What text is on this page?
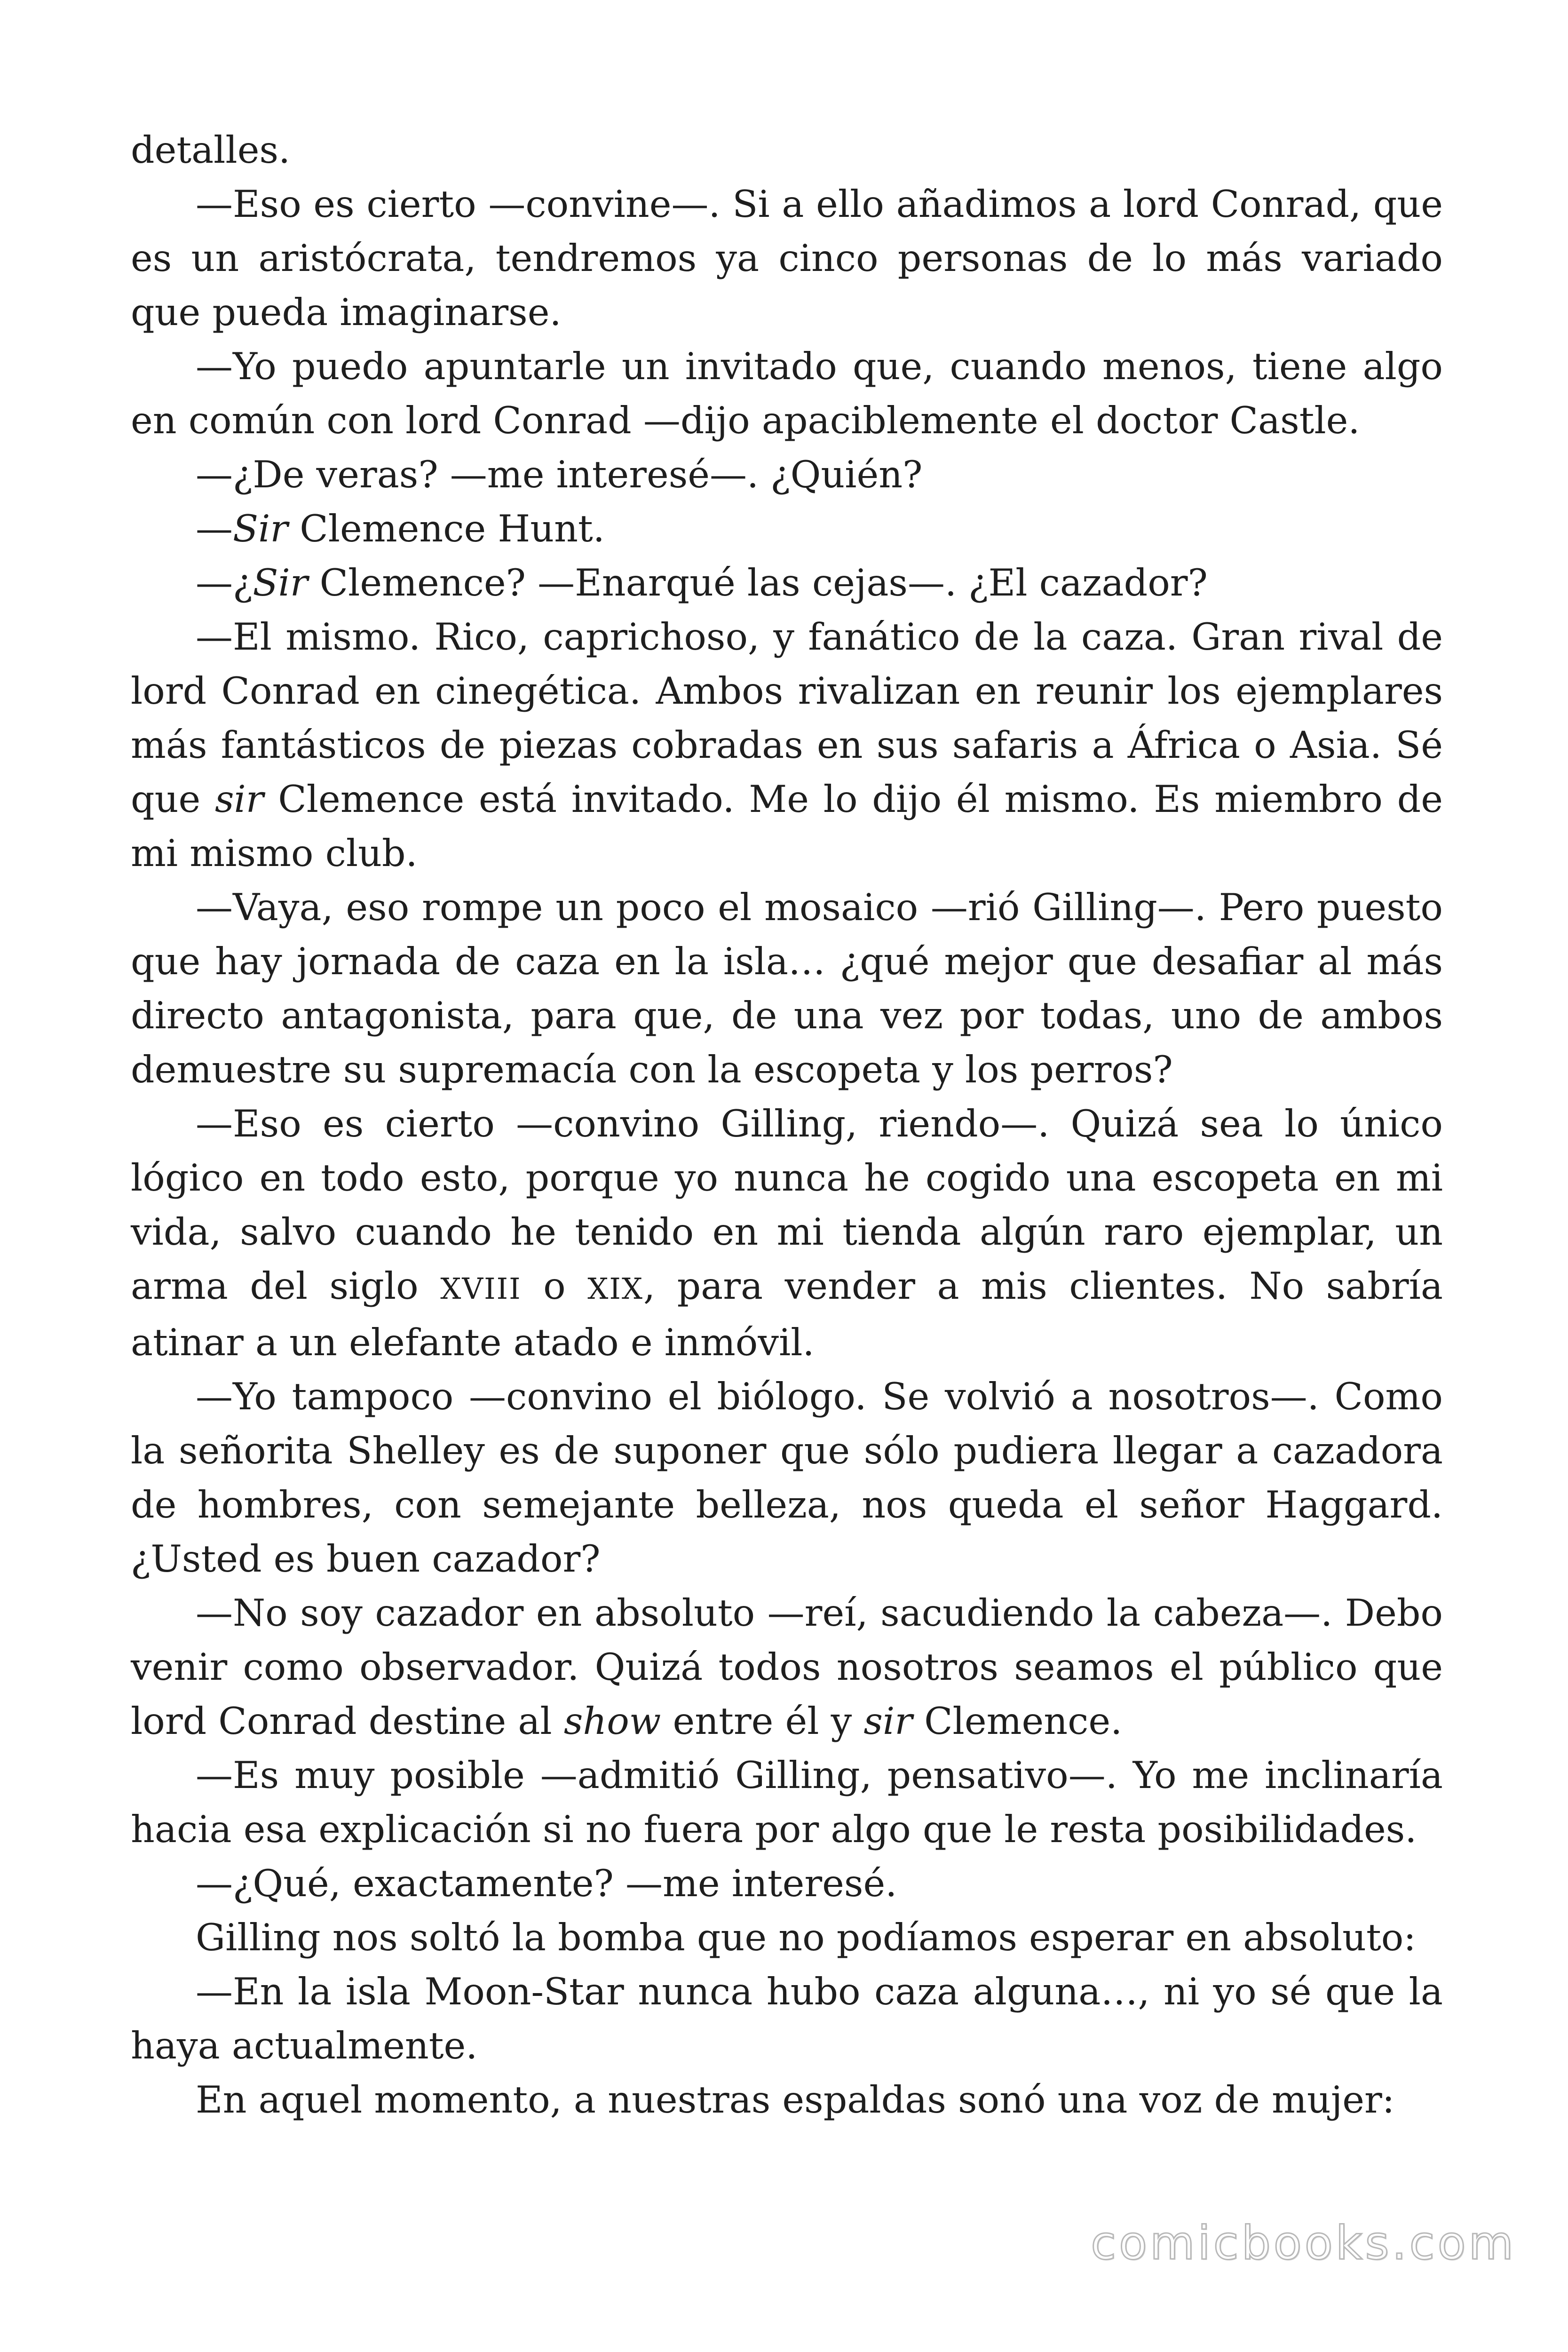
detalles.

—Eso es cierto —convine—. Si a ello añadimos a lord Conrad, que es un aristócrata, tendremos ya cinco personas de lo más variado que pueda imaginarse.

—Yo puedo apuntarle un invitado que, cuando menos, tiene algo en común con lord Conrad —dijo apaciblemente el doctor Castle.

—¿De veras? —me interesé—. ¿Quién?

—Sir Clemence Hunt.

—¿Sir Clemence? —Enarqué las cejas—. ¿El cazador?

—El mismo. Rico, caprichoso, y fanático de la caza. Gran rival de lord Conrad en cinegética. Ambos rivalizan en reunir los ejemplares más fantásticos de piezas cobradas en sus safaris a África o Asia. Sé que sir Clemence está invitado. Me lo dijo él mismo. Es miembro de mi mismo club.

—Vaya, eso rompe un poco el mosaico —rió Gilling—. Pero puesto que hay jornada de caza en la isla… ¿qué mejor que desafiar al más directo antagonista, para que, de una vez por todas, uno de ambos demuestre su supremacía con la escopeta y los perros?

—Eso es cierto —convino Gilling, riendo—. Quizá sea lo único lógico en todo esto, porque yo nunca he cogido una escopeta en mi vida, salvo cuando he tenido en mi tienda algún raro ejemplar, un arma del siglo XVIII o XIX, para vender a mis clientes. No sabría atinar a un elefante atado e inmóvil.

—Yo tampoco —convino el biólogo. Se volvió a nosotros—. Como la señorita Shelley es de suponer que sólo pudiera llegar a cazadora de hombres, con semejante belleza, nos queda el señor Haggard. ¿Usted es buen cazador?

—No soy cazador en absoluto —reí, sacudiendo la cabeza—. Debo venir como observador. Quizá todos nosotros seamos el público que lord Conrad destine al show entre él y sir Clemence.

—Es muy posible —admitió Gilling, pensativo—. Yo me inclinaría hacia esa explicación si no fuera por algo que le resta posibilidades.

—¿Qué, exactamente? —me interesé.

Gilling nos soltó la bomba que no podíamos esperar en absoluto:

—En la isla Moon-Star nunca hubo caza alguna…, ni yo sé que la haya actualmente.

En aquel momento, a nuestras espaldas sonó una voz de mujer:

comicbooks.com
